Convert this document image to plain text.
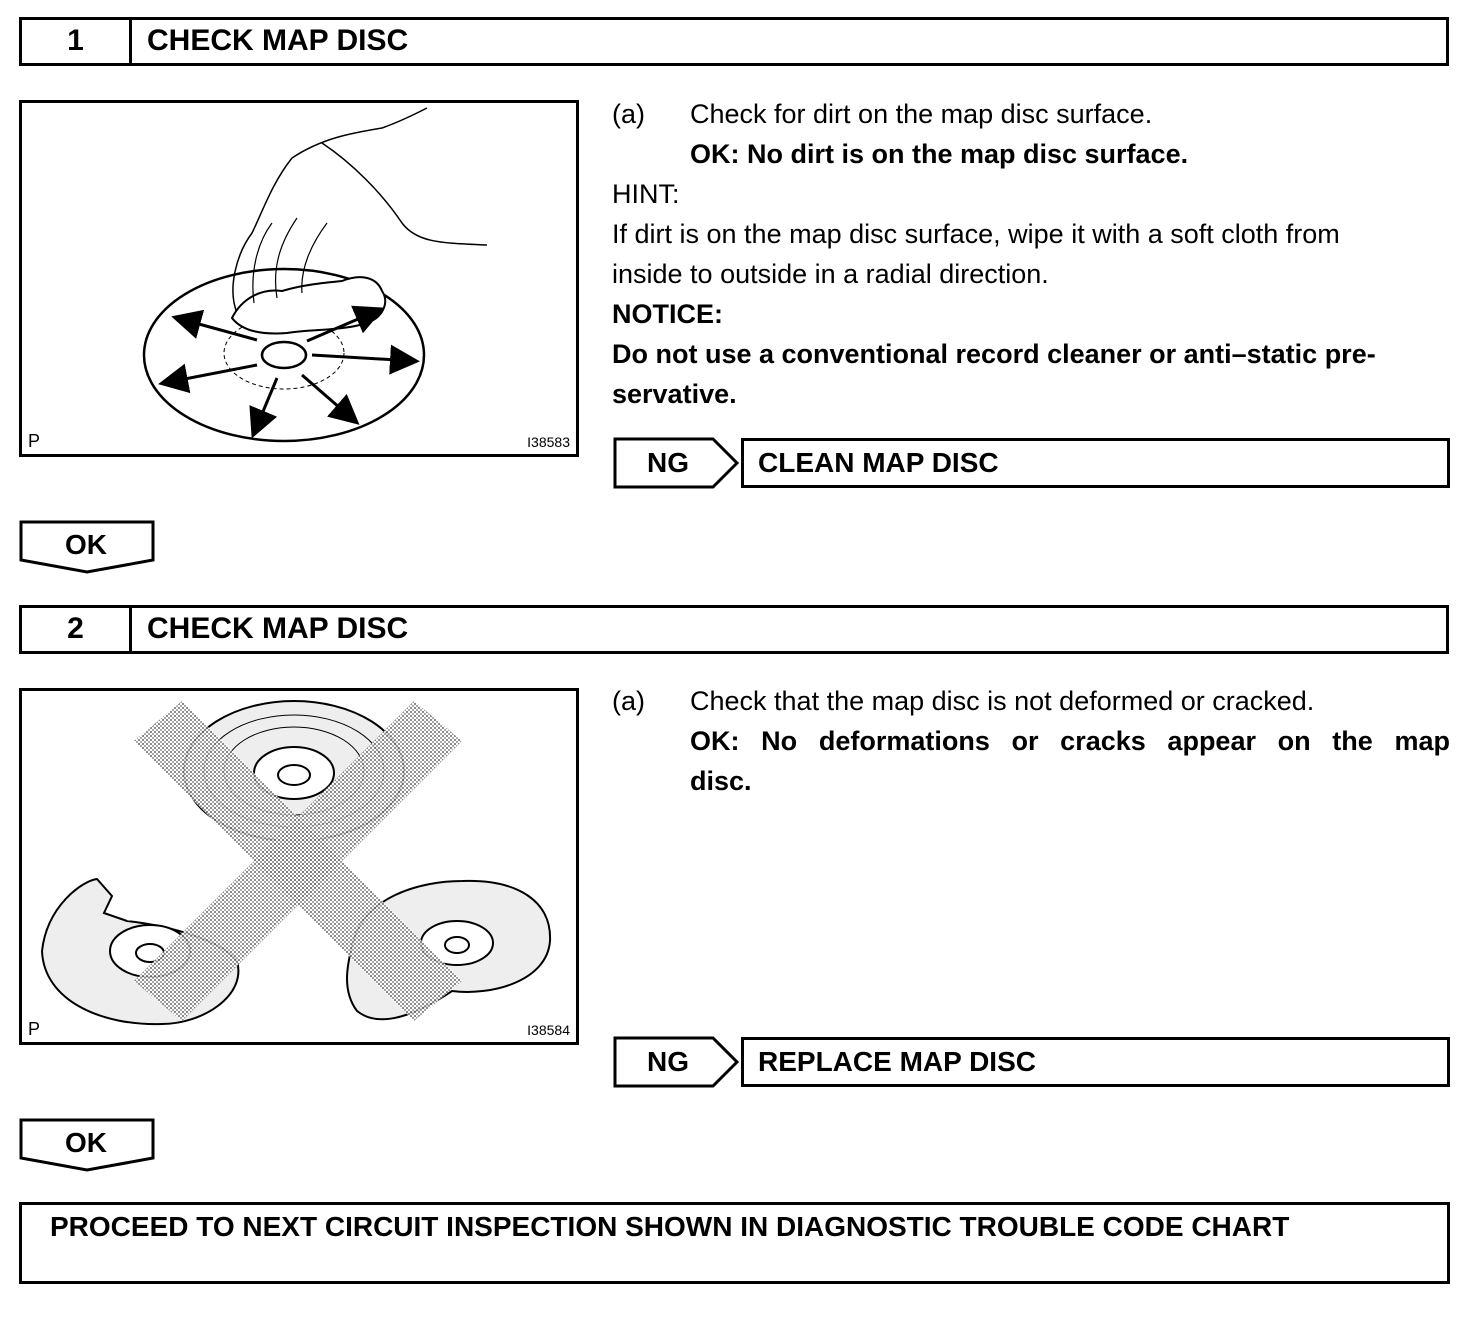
1	CHECK MAP DISC
P	I38583
(a) Check for dirt on the map disc surface.
OK: No dirt is on the map disc surface.
HINT:
If dirt is on the map disc surface, wipe it with a soft cloth from
inside to outside in a radial direction.
NOTICE:
Do not use a conventional record cleaner or anti–static pre-
servative.
NG	CLEAN MAP DISC
OK
2	CHECK MAP DISC
P	I38584
(a) Check that the map disc is not deformed or cracked.
OK: No deformations or cracks appear on the map
disc.
NG	REPLACE MAP DISC
OK
PROCEED TO NEXT CIRCUIT INSPECTION SHOWN IN DIAGNOSTIC TROUBLE CODE CHART
